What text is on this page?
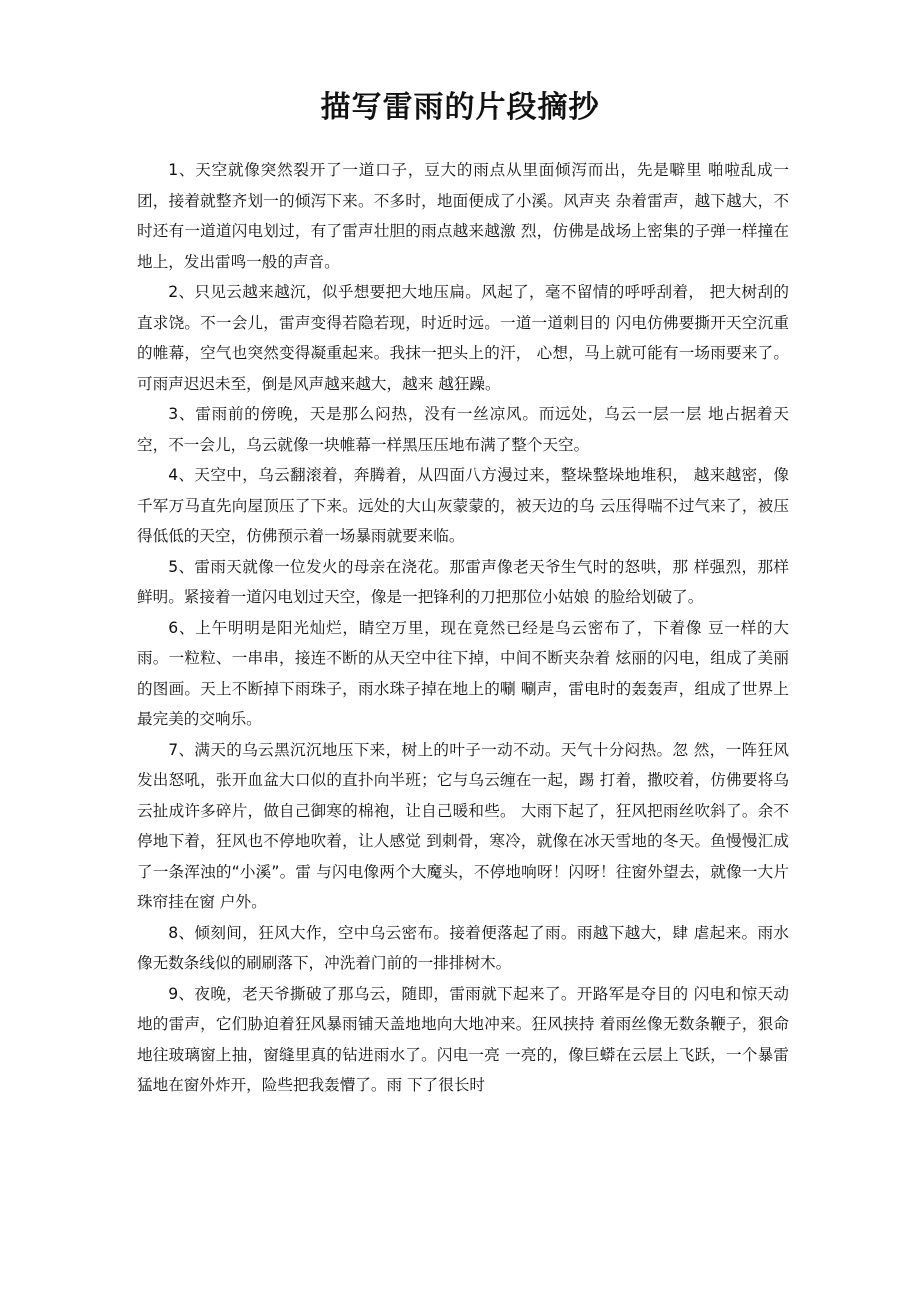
描写雷雨的片段摘抄

1、天空就像突然裂开了一道口子，豆大的雨点从里面倾泻而出，先是噼里 啪啦乱成一团，接着就整齐划一的倾泻下来。不多时，地面便成了小溪。风声夹 杂着雷声，越下越大，不时还有一道道闪电划过，有了雷声壮胆的雨点越来越激 烈，仿佛是战场上密集的子弹一样撞在地上，发出雷鸣一般的声音。

2、只见云越来越沉，似乎想要把大地压扁。风起了，毫不留情的呼呼刮着， 把大树刮的直求饶。不一会儿，雷声变得若隐若现，时近时远。一道一道刺目的 闪电仿佛要撕开天空沉重的帷幕，空气也突然变得凝重起来。我抹一把头上的汗， 心想，马上就可能有一场雨要来了。可雨声迟迟未至，倒是风声越来越大，越来 越狂躁。

3、雷雨前的傍晚，天是那么闷热，没有一丝凉风。而远处，乌云一层一层 地占据着天空，不一会儿，乌云就像一块帷幕一样黑压压地布满了整个天空。

4、天空中，乌云翻滚着，奔腾着，从四面八方漫过来，整垛整垛地堆积， 越来越密，像千军万马直先向屋顶压了下来。远处的大山灰蒙蒙的，被天边的乌 云压得喘不过气来了，被压得低低的天空，仿佛预示着一场暴雨就要来临。

5、雷雨天就像一位发火的母亲在浇花。那雷声像老天爷生气时的怒哄，那 样强烈，那样鲜明。紧接着一道闪电划过天空，像是一把锋利的刀把那位小姑娘 的脸给划破了。

6、上午明明是阳光灿烂，睛空万里，现在竟然已经是乌云密布了，下着像 豆一样的大雨。一粒粒、一串串，接连不断的从天空中往下掉，中间不断夹杂着 炫丽的闪电，组成了美丽的图画。天上不断掉下雨珠子，雨水珠子掉在地上的唰 唰声，雷电时的轰轰声，组成了世界上最完美的交响乐。

7、满天的乌云黑沉沉地压下来，树上的叶子一动不动。天气十分闷热。忽 然，一阵狂风发出怒吼，张开血盆大口似的直扑向半班；它与乌云缠在一起，踢 打着，撒咬着，仿佛要将乌云扯成许多碎片，做自己御寒的棉袍，让自己暖和些。 大雨下起了，狂风把雨丝吹斜了。余不停地下着，狂风也不停地吹着，让人感觉 到刺骨，寒冷，就像在冰天雪地的冬天。鱼慢慢汇成了一条浑浊的“小溪”。雷 与闪电像两个大魔头，不停地响呀！闪呀！往窗外望去，就像一大片珠帘挂在窗 户外。

8、倾刻间，狂风大作，空中乌云密布。接着便落起了雨。雨越下越大，肆 虐起来。雨水像无数条线似的刷刷落下，冲洗着门前的一排排树木。

9、夜晚，老天爷撕破了那乌云，随即，雷雨就下起来了。开路军是夺目的 闪电和惊天动地的雷声，它们胁迫着狂风暴雨铺天盖地地向大地冲来。狂风挟持 着雨丝像无数条鞭子，狠命地往玻璃窗上抽，窗缝里真的钻进雨水了。闪电一亮 一亮的，像巨蟒在云层上飞跃，一个暴雷猛地在窗外炸开，险些把我轰懵了。雨 下了很长时
